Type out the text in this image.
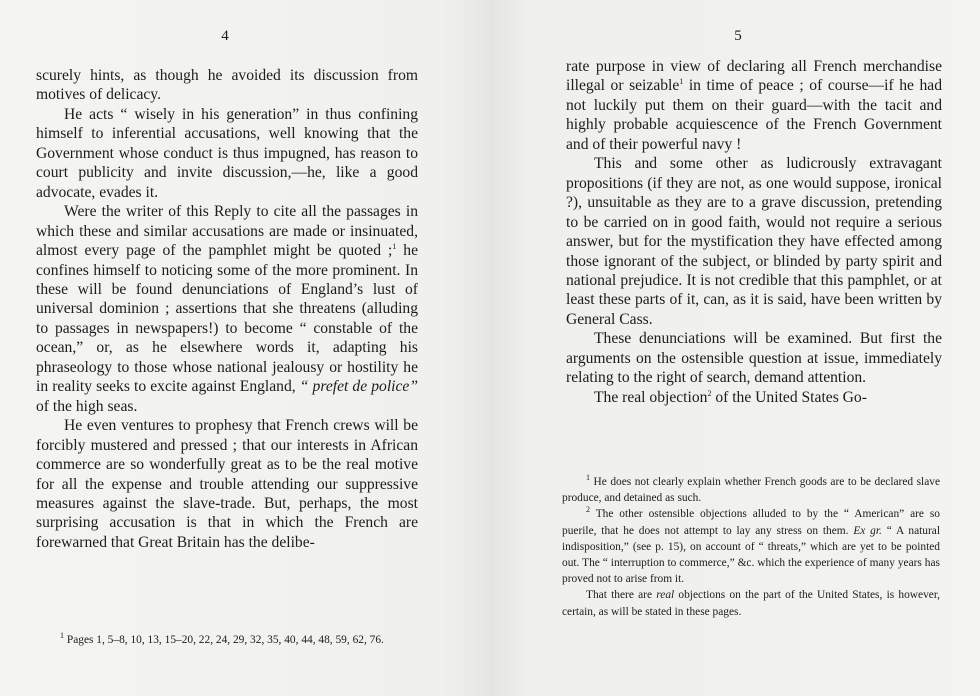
4

scurely hints, as though he avoided its discussion from motives of delicacy.

He acts “ wisely in his generation” in thus confining himself to inferential accusations, well knowing that the Government whose conduct is thus impugned, has reason to court publicity and invite discussion,—he, like a good advocate, evades it.

Were the writer of this Reply to cite all the passages in which these and similar accusations are made or insinuated, almost every page of the pamphlet might be quoted ;$^1$ he confines himself to noticing some of the more prominent. In these will be found denunciations of England’s lust of universal dominion ; assertions that she threatens (alluding to passages in newspapers!) to become “ constable of the ocean,” or, as he elsewhere words it, adapting his phraseology to those whose national jealousy or hostility he in reality seeks to excite against England, “ prefet de police” of the high seas.

He even ventures to prophesy that French crews will be forcibly mustered and pressed ; that our interests in African commerce are so wonderfully great as to be the real motive for all the expense and trouble attending our suppressive measures against the slave-trade. But, perhaps, the most surprising accusation is that in which the French are forewarned that Great Britain has the delibe-

$^1$ Pages 1, 5–8, 10, 13, 15–20, 22, 24, 29, 32, 35, 40, 44, 48, 59, 62, 76.

5

rate purpose in view of declaring all French merchandise illegal or seizable$^1$ in time of peace ; of course—if he had not luckily put them on their guard—with the tacit and highly probable acquiescence of the French Government and of their powerful navy !

This and some other as ludicrously extravagant propositions (if they are not, as one would suppose, ironical ?), unsuitable as they are to a grave discussion, pretending to be carried on in good faith, would not require a serious answer, but for the mystification they have effected among those ignorant of the subject, or blinded by party spirit and national prejudice. It is not credible that this pamphlet, or at least these parts of it, can, as it is said, have been written by General Cass.

These denunciations will be examined. But first the arguments on the ostensible question at issue, immediately relating to the right of search, demand attention.

The real objection$^2$ of the United States Go-

$^1$ He does not clearly explain whether French goods are to be declared slave produce, and detained as such.

$^2$ The other ostensible objections alluded to by the “ American” are so puerile, that he does not attempt to lay any stress on them. Ex gr. “ A natural indisposition,” (see p. 15), on account of “ threats,” which are yet to be pointed out. The “ interruption to commerce,” &c. which the experience of many years has proved not to arise from it.

That there are real objections on the part of the United States, is however, certain, as will be stated in these pages.
